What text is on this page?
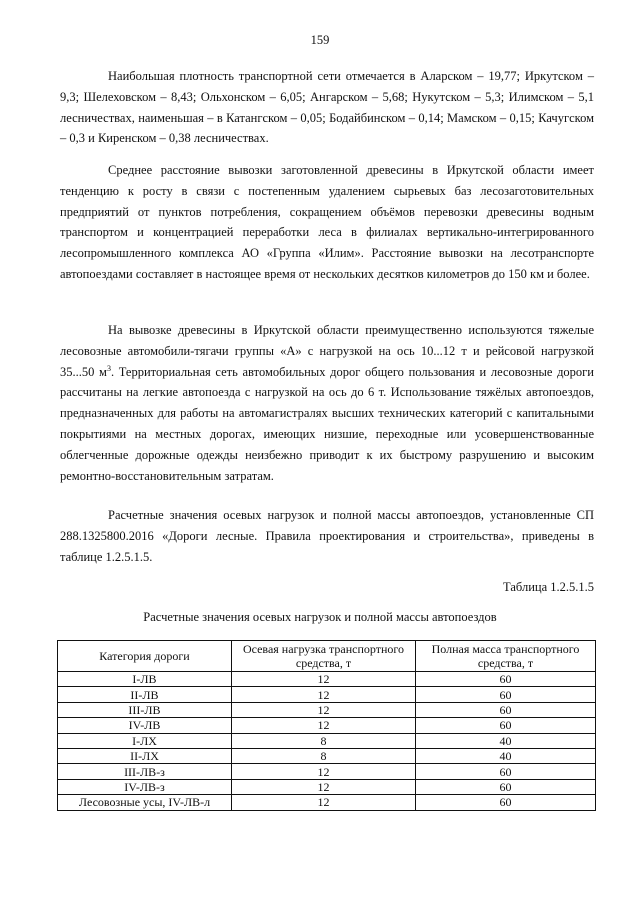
159

Наибольшая плотность транспортной сети отмечается в Аларском – 19,77; Иркутском – 9,3; Шелеховском – 8,43; Ольхонском – 6,05; Ангарском – 5,68; Нукутском – 5,3; Илимском – 5,1 лесничествах, наименьшая – в Катангском – 0,05; Бодайбинском – 0,14; Мамском – 0,15; Качугском – 0,3 и Киренском – 0,38 лесничествах.

Среднее расстояние вывозки заготовленной древесины в Иркутской области имеет тенденцию к росту в связи с постепенным удалением сырьевых баз лесозаготовительных предприятий от пунктов потребления, сокращением объёмов перевозки древесины водным транспортом и концентрацией переработки леса в филиалах вертикально-интегрированного лесопромышленного комплекса АО «Группа «Илим». Расстояние вывозки на лесотранспорте автопоездами составляет в настоящее время от нескольких десятков километров до 150 км и более.

На вывозке древесины в Иркутской области преимущественно используются тяжелые лесовозные автомобили-тягачи группы «А» с нагрузкой на ось 10...12 т и рейсовой нагрузкой 35...50 $м^3$. Территориальная сеть автомобильных дорог общего пользования и лесовозные дороги рассчитаны на легкие автопоезда с нагрузкой на ось до 6 т. Использование тяжёлых автопоездов, предназначенных для работы на автомагистралях высших технических категорий с капитальными покрытиями на местных дорогах, имеющих низшие, переходные или усовершенствованные облегченные дорожные одежды неизбежно приводит к их быстрому разрушению и высоким ремонтно-восстановительным затратам.

Расчетные значения осевых нагрузок и полной массы автопоездов, установленные СП 288.1325800.2016 «Дороги лесные. Правила проектирования и строительства», приведены в таблице 1.2.5.1.5.

Таблица 1.2.5.1.5
Расчетные значения осевых нагрузок и полной массы автопоездов
Категория дороги	Осевая нагрузка транспортного средства, т	Полная масса транспортного средства, т
I-ЛВ	12	60
II-ЛВ	12	60
III-ЛВ	12	60
IV-ЛВ	12	60
I-ЛХ	8	40
II-ЛХ	8	40
III-ЛВ-з	12	60
IV-ЛВ-з	12	60
Лесовозные усы, IV-ЛВ-л	12	60
